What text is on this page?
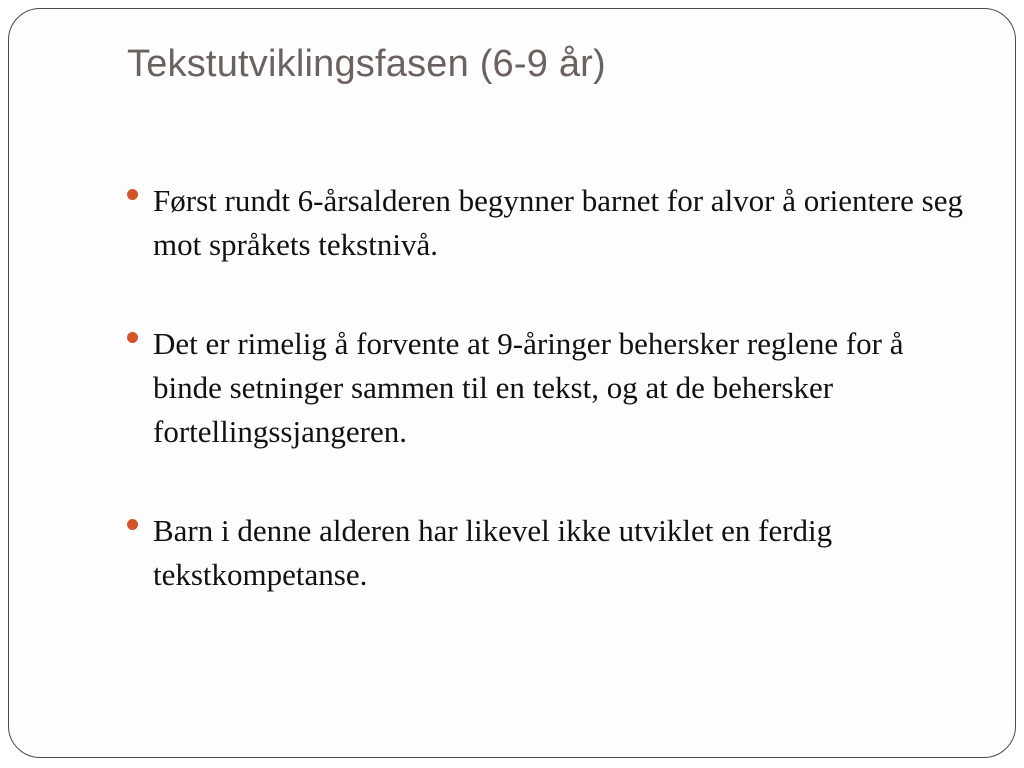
Tekstutviklingsfasen (6-9 år)
Først rundt 6-årsalderen begynner barnet for alvor å orientere seg mot språkets tekstnivå.
Det er rimelig å forvente at 9-åringer behersker reglene for å binde setninger sammen til en tekst, og at de behersker fortellingssjangeren.
Barn i denne alderen har likevel ikke utviklet en ferdig tekstkompetanse.
